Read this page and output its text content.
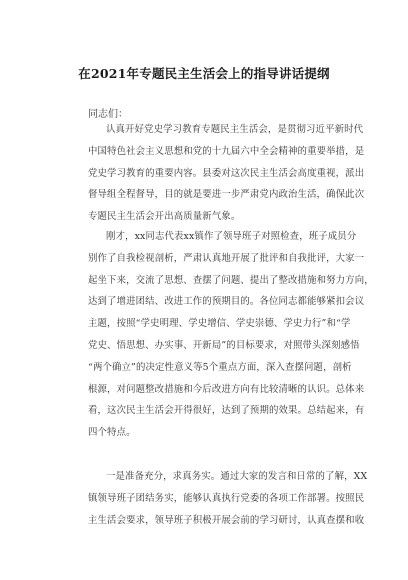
在2021年专题民主生活会上的指导讲话提纲
同志们：
认真开好党史学习教育专题民主生活会，是贯彻习近平新时代
中国特色社会主义思想和党的十九届六中全会精神的重要举措，是
党史学习教育的重要内容。县委对这次民主生活会高度重视，派出
督导组全程督导，目的就是要进一步严肃党内政治生活，确保此次
专题民主生活会开出高质量新气象。
刚才，xx同志代表xx镇作了领导班子对照检查，班子成员分
别作了自我检视剖析，严肃认真地开展了批评和自我批评，大家一
起坐下来，交流了思想、查摆了问题、提出了整改措施和努力方向，
达到了增进团结、改进工作的预期目的。各位同志都能够紧扣会议
主题，按照“学史明理、学史增信、学史崇德、学史力行”和“学
党史、悟思想、办实事、开新局”的目标要求，对照带头深刻感悟
“两个确立”的决定性意义等5个重点方面，深入查摆问题，剖析
根源，对问题整改措施和今后改进方向有比较清晰的认识。总体来
看，这次民主生活会开得很好，达到了预期的效果。总结起来，有
四个特点。
一是准备充分，求真务实。通过大家的发言和日常的了解，XX
镇领导班子团结务实，能够认真执行党委的各项工作部署。按照民
主生活会要求，领导班子积极开展会前的学习研讨，认真查摆和收
